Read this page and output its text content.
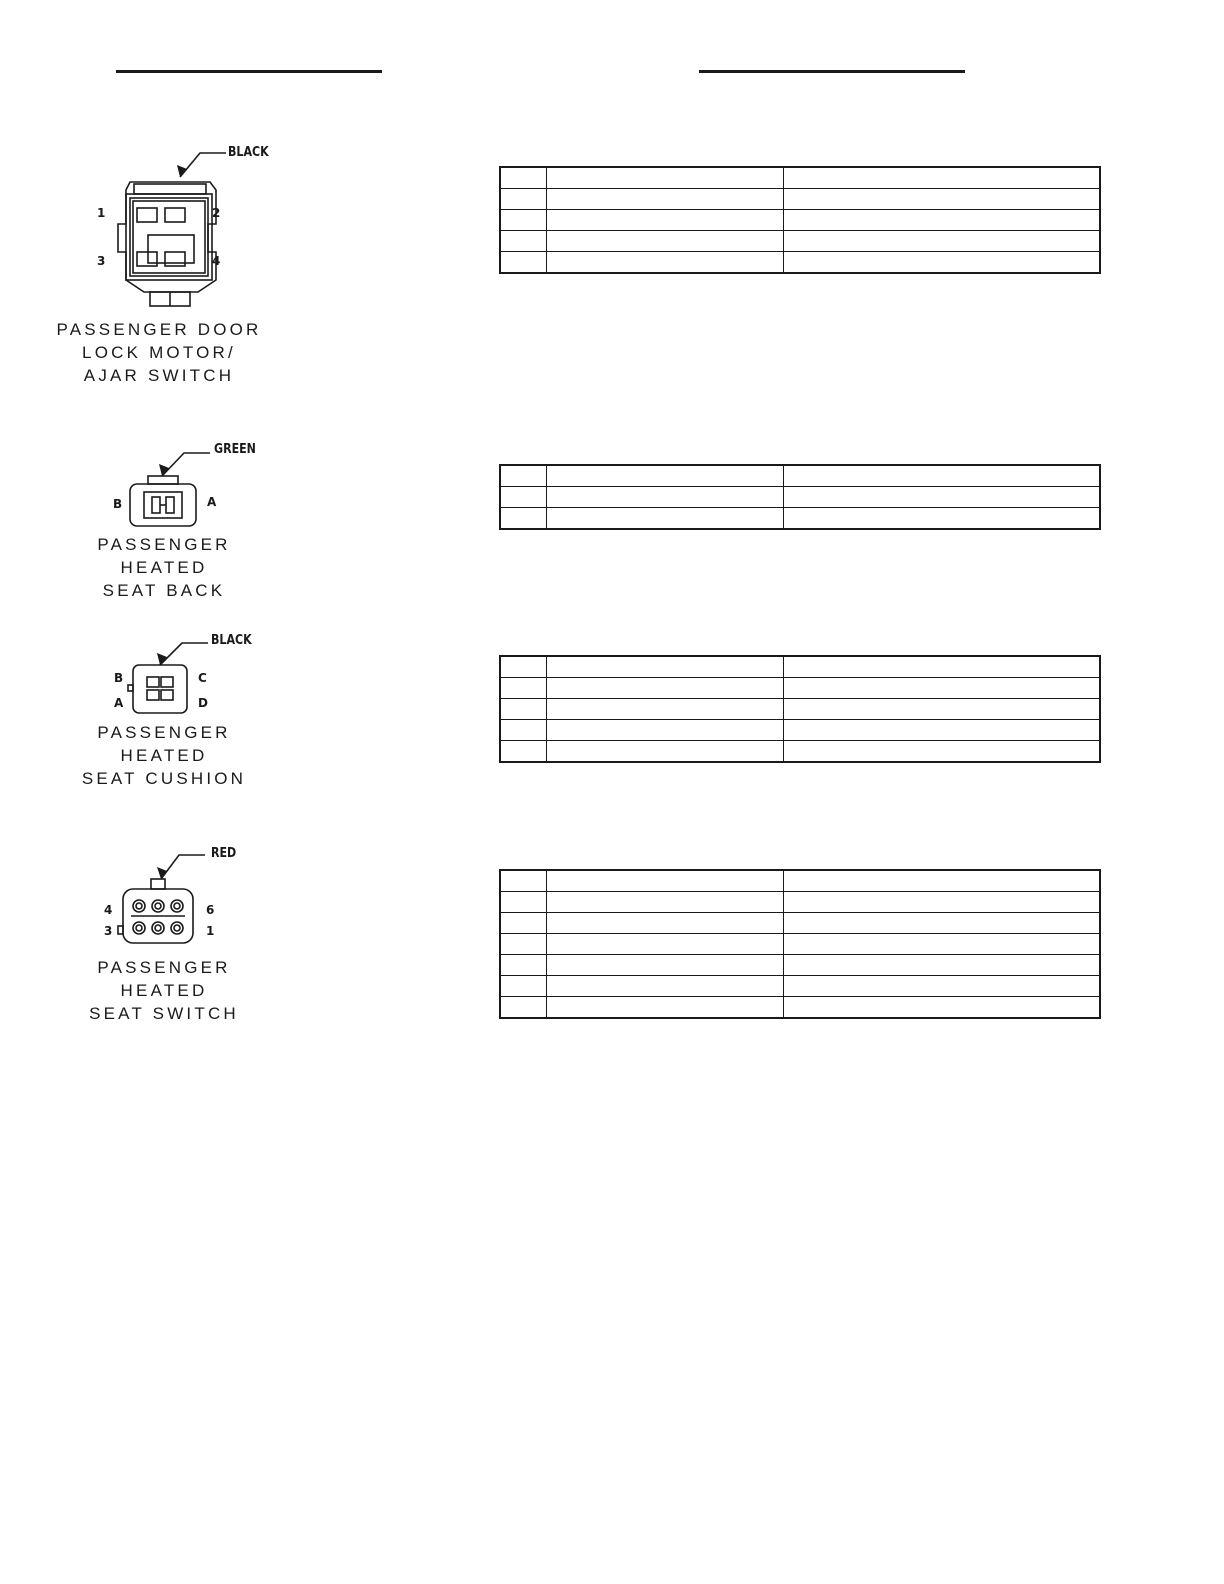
BLACK
1	2
3	4
PASSENGER DOOR
LOCK MOTOR/
AJAR SWITCH

GREEN
B	A
PASSENGER HEATED
SEAT BACK

BLACK
B	C
A	D
PASSENGER HEATED
SEAT CUSHION

RED
4	6
3	1
PASSENGER HEATED
SEAT SWITCH
